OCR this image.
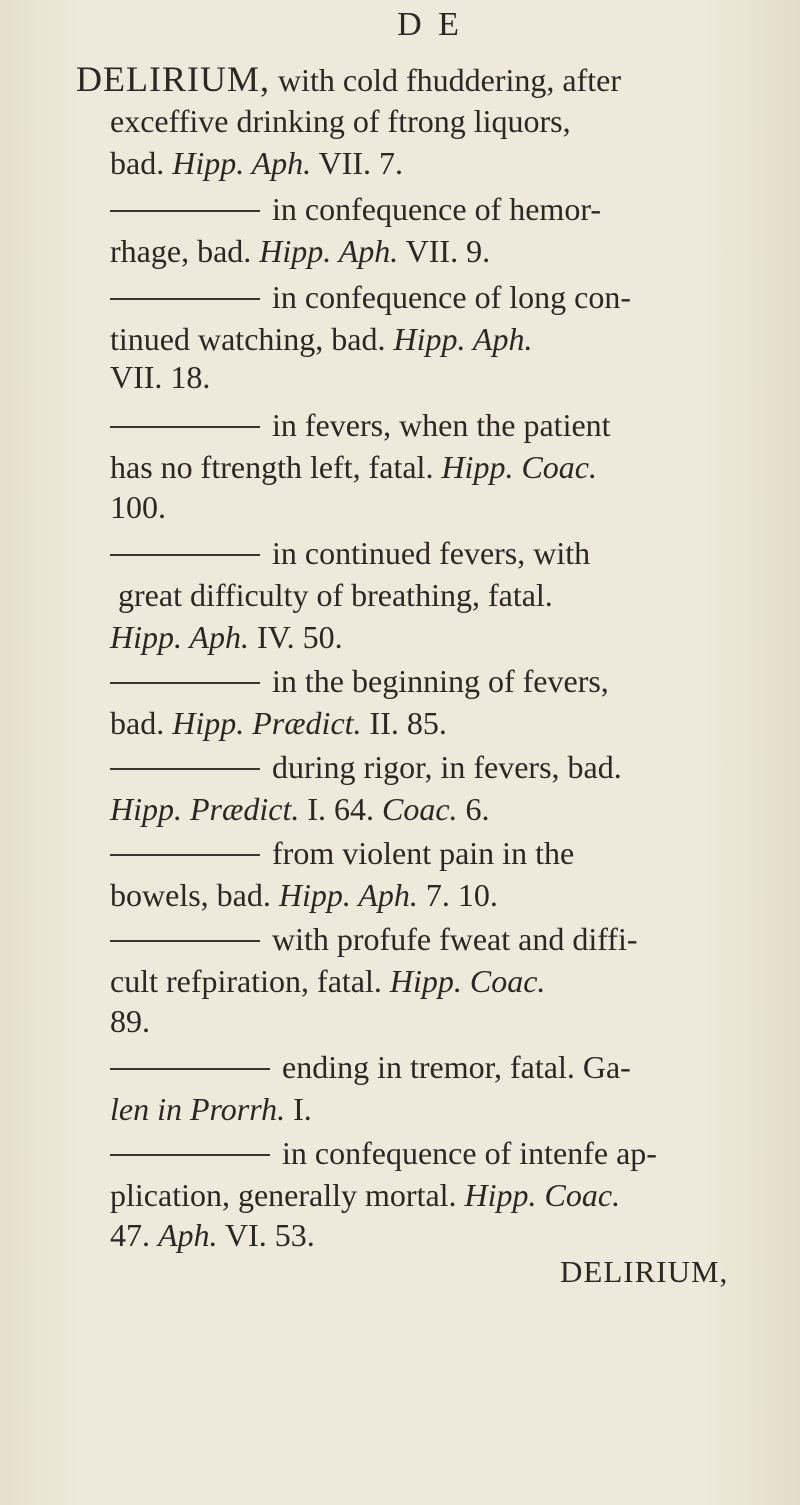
D E
DELIRIUM, with cold fhuddering, after
exceffive drinking of ftrong liquors,
bad. Hipp. Aph. VII. 7.
in confequence of hemor-
rhage, bad. Hipp. Aph. VII. 9.
in confequence of long con-
tinued watching, bad. Hipp. Aph.
VII. 18.
in fevers, when the patient
has no ftrength left, fatal. Hipp. Coac.
100.
in continued fevers, with
great difficulty of breathing, fatal.
Hipp. Aph. IV. 50.
in the beginning of fevers,
bad. Hipp. Prædict. II. 85.
during rigor, in fevers, bad.
Hipp. Prædict. I. 64. Coac. 6.
from violent pain in the
bowels, bad. Hipp. Aph. 7. 10.
with profufe fweat and diffi-
cult refpiration, fatal. Hipp. Coac.
89.
ending in tremor, fatal. Ga-
len in Prorrh. I.
in confequence of intenfe ap-
plication, generally mortal. Hipp. Coac.
47. Aph. VI. 53.
DELIRIUM,
